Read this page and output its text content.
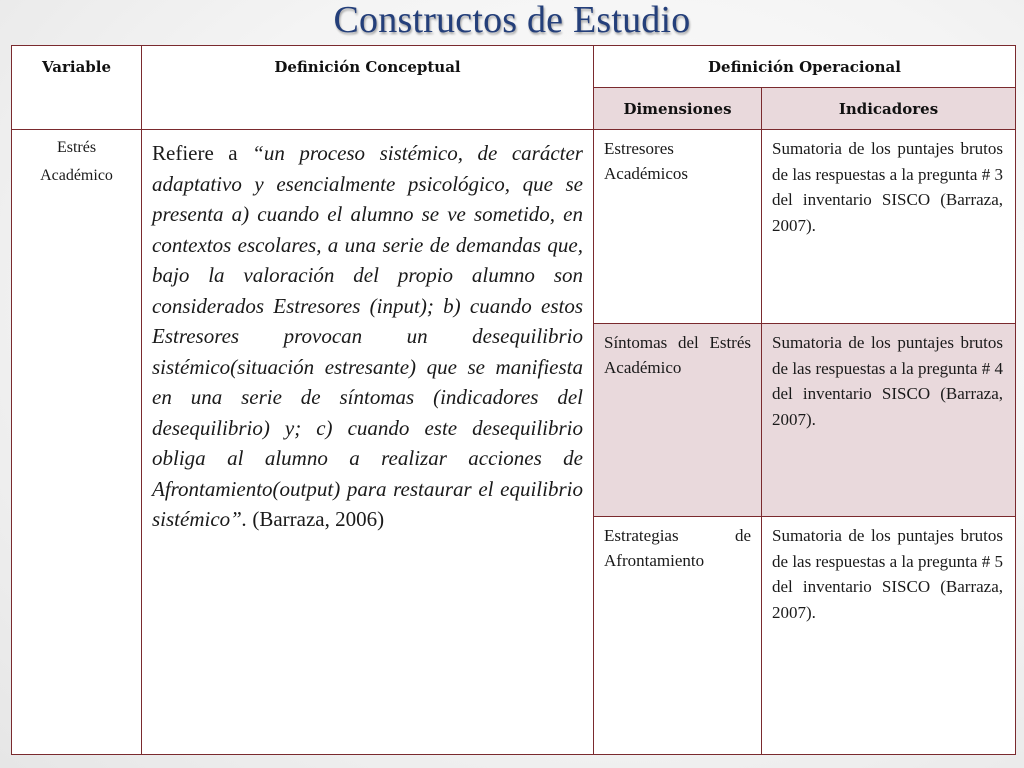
Constructos de Estudio
Variable	Definición Conceptual	Definición Operacional	
		Dimensiones	Indicadores

Estrés
Académico	Refiere a “un proceso sistémico, de carácter adaptativo y esencialmente psicológico, que se presenta a) cuando el alumno se ve sometido, en contextos escolares, a una serie de demandas que, bajo la valoración del propio alumno son considerados Estresores (input); b) cuando estos Estresores provocan un desequilibrio sistémico(situación estresante) que se manifiesta en una serie de síntomas (indicadores del desequilibrio) y; c) cuando este desequilibrio obliga al alumno a realizar acciones de Afrontamiento(output) para restaurar el equilibrio sistémico”. (Barraza, 2006)	Estresores Académicos	Sumatoria de los puntajes brutos de las respuestas a la pregunta # 3 del inventario SISCO (Barraza, 2007).
		Síntomas del Estrés Académico	Sumatoria de los puntajes brutos de las respuestas a la pregunta # 4 del inventario SISCO (Barraza, 2007).
		Estrategias de Afrontamiento	Sumatoria de los puntajes brutos de las respuestas a la pregunta # 5 del inventario SISCO (Barraza, 2007).
